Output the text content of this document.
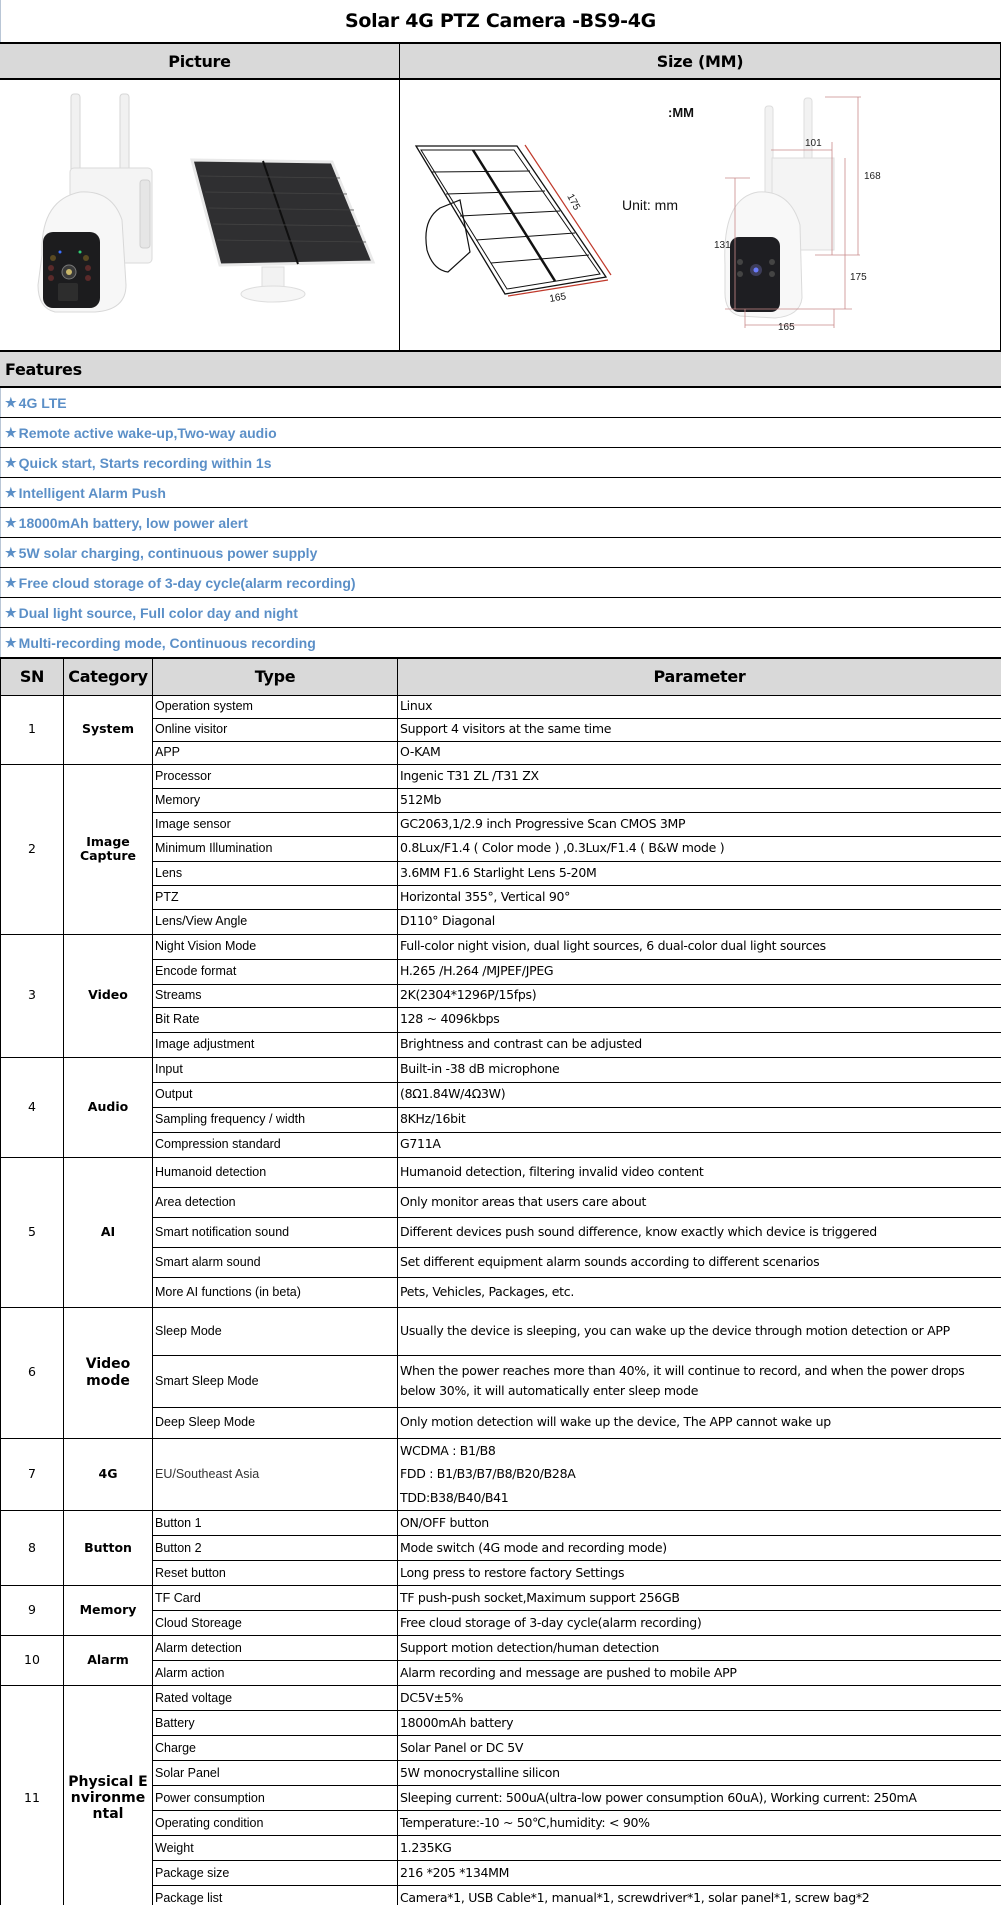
Solar 4G PTZ Camera -BS9-4G
Picture	Size (MM)
175
165
Unit: mm
:MM
101
168
131
175
165
Features
★ 4G LTE
★ Remote active wake-up,Two-way audio
★ Quick start, Starts recording within 1s
★ Intelligent Alarm Push
★ 18000mAh battery, low power alert
★ 5W solar charging, continuous power supply
★ Free cloud storage of 3-day cycle(alarm recording)
★ Dual light source, Full color day and night
★ Multi-recording mode, Continuous recording
SN	Category	Type	Parameter
1	System	Operation system	Linux
		Online visitor	Support 4 visitors at the same time
		APP	O-KAM
2	Image Capture	Processor	Ingenic T31 ZL /T31 ZX
		Memory	512Mb
		Image sensor	GC2063,1/2.9 inch Progressive Scan CMOS 3MP
		Minimum Illumination	0.8Lux/F1.4 ( Color mode ) ,0.3Lux/F1.4 ( B&W mode )
		Lens	3.6MM F1.6 Starlight Lens 5-20M
		PTZ	Horizontal 355°, Vertical 90°
		Lens/View Angle	D110° Diagonal
3	Video	Night Vision Mode	Full-color night vision, dual light sources, 6 dual-color dual light sources
		Encode format	H.265 /H.264 /MJPEF/JPEG
		Streams	2K(2304*1296P/15fps)
		Bit Rate	128 ~ 4096kbps
		Image adjustment	Brightness and contrast can be adjusted
4	Audio	Input	Built-in -38 dB microphone
		Output	(8Ω1.84W/4Ω3W)
		Sampling frequency / width	8KHz/16bit
		Compression standard	G711A
5	AI	Humanoid detection	Humanoid detection, filtering invalid video content
		Area detection	Only monitor areas that users care about
		Smart notification sound	Different devices push sound difference, know exactly which device is triggered
		Smart alarm sound	Set different equipment alarm sounds according to different scenarios
		More AI functions (in beta)	Pets, Vehicles, Packages, etc.
6	Video mode	Sleep Mode	Usually the device is sleeping, you can wake up the device through motion detection or APP
		Smart Sleep Mode	When the power reaches more than 40%, it will continue to record, and when the power drops below 30%, it will automatically enter sleep mode
		Deep Sleep Mode	Only motion detection will wake up the device, The APP cannot wake up
7	4G	EU/Southeast Asia	WCDMA : B1/B8
FDD : B1/B3/B7/B8/B20/B28A
TDD:B38/B40/B41
8	Button	Button 1	ON/OFF button
		Button 2	Mode switch (4G mode and recording mode)
		Reset button	Long press to restore factory Settings
9	Memory	TF Card	TF push-push socket,Maximum support 256GB
		Cloud Storeage	Free cloud storage of 3-day cycle(alarm recording)
10	Alarm	Alarm detection	Support motion detection/human detection
		Alarm action	Alarm recording and message are pushed to mobile APP
11	Physical Environmental	Rated voltage	DC5V±5%
		Battery	18000mAh battery
		Charge	Solar Panel or DC 5V
		Solar Panel	5W monocrystalline silicon
		Power consumption	Sleeping current: 500uA(ultra-low power consumption 60uA), Working current: 250mA
		Operating condition	Temperature:-10 ~ 50℃,humidity: < 90%
		Weight	1.235KG
		Package size	216 *205 *134MM
		Package list	Camera*1, USB Cable*1, manual*1, screwdriver*1, solar panel*1, screw bag*2
